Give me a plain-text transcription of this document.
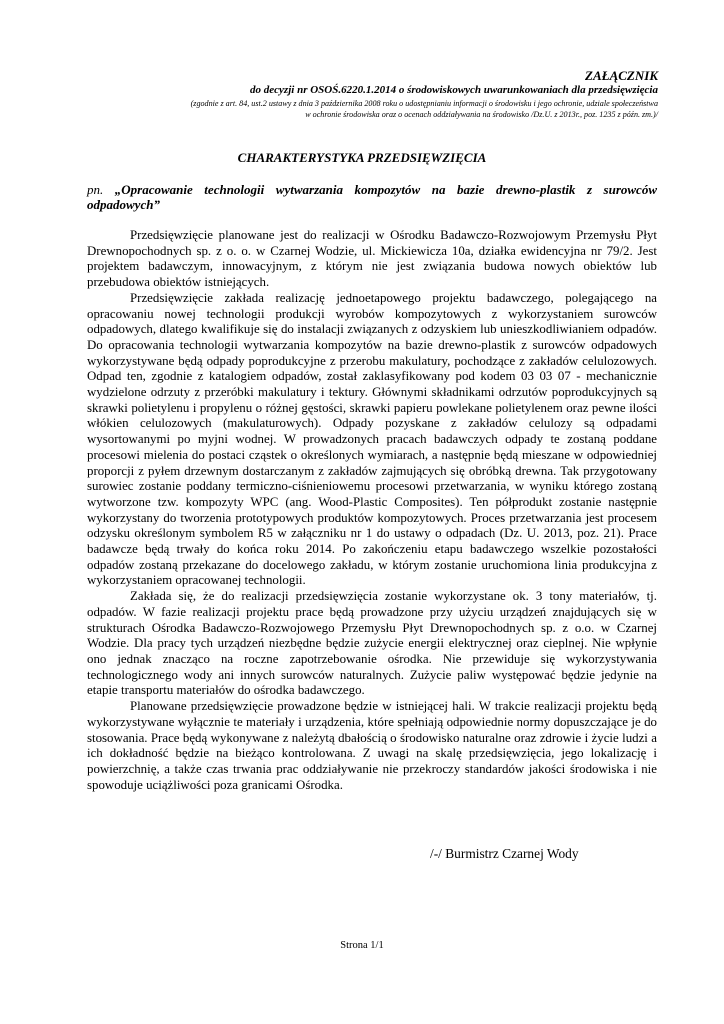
ZAŁĄCZNIK
do decyzji nr OSOŚ.6220.1.2014 o środowiskowych uwarunkowaniach dla przedsięwzięcia
(zgodnie z art. 84, ust.2 ustawy z dnia 3 października 2008 roku o udostępnianiu informacji o środowisku i jego ochronie, udziale społeczeństwa
w ochronie środowiska oraz o ocenach oddziaływania na środowisko /Dz.U. z 2013r., poz. 1235 z późn. zm.)/
CHARAKTERYSTYKA PRZEDSIĘWZIĘCIA
pn. „Opracowanie technologii wytwarzania kompozytów na bazie drewno-plastik z surowców odpadowych”

Przedsięwzięcie planowane jest do realizacji w Ośrodku Badawczo-Rozwojowym Przemysłu Płyt Drewnopochodnych sp. z o. o. w Czarnej Wodzie, ul. Mickiewicza 10a, działka ewidencyjna nr 79/2. Jest projektem badawczym, innowacyjnym, z którym nie jest związania budowa nowych obiektów lub przebudowa obiektów istniejących.

Przedsięwzięcie zakłada realizację jednoetapowego projektu badawczego, polegającego na opracowaniu nowej technologii produkcji wyrobów kompozytowych z wykorzystaniem surowców odpadowych, dlatego kwalifikuje się do instalacji związanych z odzyskiem lub unieszkodliwianiem odpadów. Do opracowania technologii wytwarzania kompozytów na bazie drewno-plastik z surowców odpadowych wykorzystywane będą odpady poprodukcyjne z przerobu makulatury, pochodzące z zakładów celulozowych. Odpad ten, zgodnie z katalogiem odpadów, został zaklasyfikowany pod kodem 03 03 07 - mechanicznie wydzielone odrzuty z przeróbki makulatury i tektury. Głównymi składnikami odrzutów poprodukcyjnych są skrawki polietylenu i propylenu o różnej gęstości, skrawki papieru powlekane polietylenem oraz pewne ilości włókien celulozowych (makulaturowych). Odpady pozyskane z zakładów celulozy są odpadami wysortowanymi po myjni wodnej. W prowadzonych pracach badawczych odpady te zostaną poddane procesowi mielenia do postaci cząstek o określonych wymiarach, a następnie będą mieszane w odpowiedniej proporcji z pyłem drzewnym dostarczanym z zakładów zajmujących się obróbką drewna. Tak przygotowany surowiec zostanie poddany termiczno-ciśnieniowemu procesowi przetwarzania, w wyniku którego zostaną wytworzone tzw. kompozyty WPC (ang. Wood-Plastic Composites). Ten półprodukt zostanie następnie wykorzystany do tworzenia prototypowych produktów kompozytowych. Proces przetwarzania jest procesem odzysku określonym symbolem R5 w załączniku nr 1 do ustawy o odpadach (Dz. U. 2013, poz. 21). Prace badawcze będą trwały do końca roku 2014. Po zakończeniu etapu badawczego wszelkie pozostałości odpadów zostaną przekazane do docelowego zakładu, w którym zostanie uruchomiona linia produkcyjna z wykorzystaniem opracowanej technologii.

Zakłada się, że do realizacji przedsięwzięcia zostanie wykorzystane ok. 3 tony materiałów, tj. odpadów. W fazie realizacji projektu prace będą prowadzone przy użyciu urządzeń znajdujących się w strukturach Ośrodka Badawczo-Rozwojowego Przemysłu Płyt Drewnopochodnych sp. z o.o. w Czarnej Wodzie. Dla pracy tych urządzeń niezbędne będzie zużycie energii elektrycznej oraz cieplnej. Nie wpłynie ono jednak znacząco na roczne zapotrzebowanie ośrodka. Nie przewiduje się wykorzystywania technologicznego wody ani innych surowców naturalnych. Zużycie paliw występować będzie jedynie na etapie transportu materiałów do ośrodka badawczego.

Planowane przedsięwzięcie prowadzone będzie w istniejącej hali. W trakcie realizacji projektu będą wykorzystywane wyłącznie te materiały i urządzenia, które spełniają odpowiednie normy dopuszczające je do stosowania. Prace będą wykonywane z należytą dbałością o środowisko naturalne oraz zdrowie i życie ludzi a ich dokładność będzie na bieżąco kontrolowana. Z uwagi na skalę przedsięwzięcia, jego lokalizację i powierzchnię, a także czas trwania prac oddziaływanie nie przekroczy standardów jakości środowiska i nie spowoduje uciążliwości poza granicami Ośrodka.

/-/ Burmistrz Czarnej Wody
Strona 1/1
